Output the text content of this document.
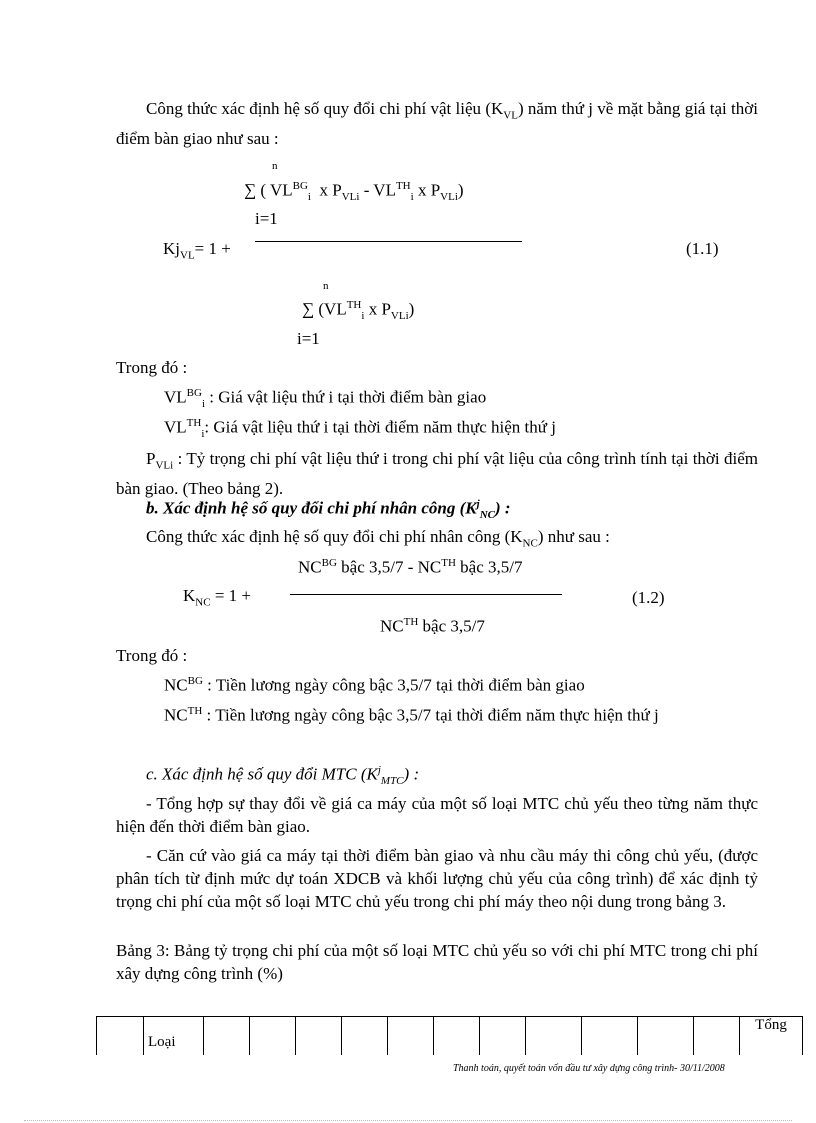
Công thức xác định hệ số quy đổi chi phí vật liệu $(K_{VL})$ năm thứ j về mặt bằng giá tại thời điểm bàn giao như sau :
n
∑ ( $VL^{BG}_i$ x $P_{VLi} - VLTH_i$ x $P_{VLi}$)
i=1
$Kj_{VL}= 1$ +	(1.1)
n
∑ ($VLTH_i$ x $P_{VLi}$)
i=1
Trong đó :
$VL^{BG}_i$ : Giá vật liệu thứ i tại thời điểm bàn giao
$VLTH_i$: Giá vật liệu thứ i tại thời điểm năm thực hiện thứ j
$P_{VLi}$ : Tỷ trọng chi phí vật liệu thứ i trong chi phí vật liệu của công trình tính tại thời điểm bàn giao. (Theo bảng 2).
b. Xác định hệ số quy đổi chi phí nhân công $(K^j_{NC})$ :
Công thức xác định hệ số quy đổi chi phí nhân công $(K_{NC})$ như sau :
$NC^{BG}$ bậc $3,5/7 - NC^{TH}$ bậc 3,5/7
$K_{NC} = 1$ +	(1.2)
$NC^{TH}$ bậc 3,5/7
Trong đó :
$NC^{BG}$ : Tiền lương ngày công bậc 3,5/7 tại thời điểm bàn giao
$NC^{TH}$ : Tiền lương ngày công bậc 3,5/7 tại thời điểm năm thực hiện thứ j
c. Xác định hệ số quy đổi MTC $(K^j_{MTC})$ :
- Tổng hợp sự thay đổi về giá ca máy của một số loại MTC chủ yếu theo từng năm thực hiện đến thời điểm bàn giao.
- Căn cứ vào giá ca máy tại thời điểm bàn giao và nhu cầu máy thi công chủ yếu, (được phân tích từ định mức dự toán XDCB và khối lượng chủ yếu của công trình) để xác định tỷ trọng chi phí của một số loại MTC chủ yếu trong chi phí máy theo nội dung trong bảng 3.
Bảng 3: Bảng tỷ trọng chi phí của một số loại MTC chủ yếu so với chi phí MTC trong chi phí xây dựng công trình (%)
	Loại												Tổng
Thanh toán, quyết toán vốn đầu tư xây dựng công trình- 30/11/2008
